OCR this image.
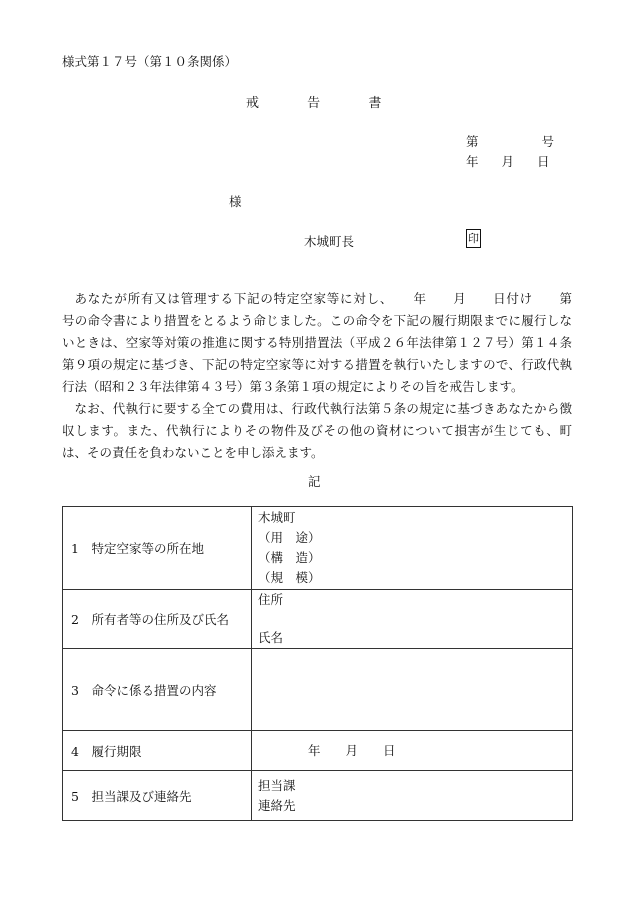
様式第１７号（第１０条関係）
戒	告	書
第	号
年 月 日
様
木城町長	印

あなたが所有又は管理する下記の特定空家等に対し、　　年　　月　　日付け　　第　　号の命令書により措置をとるよう命じました。この命令を下記の履行期限までに履行しないときは、空家等対策の推進に関する特別措置法（平成２６年法律第１２７号）第１４条第９項の規定に基づき、下記の特定空家等に対する措置を執行いたしますので、行政代執行法（昭和２３年法律第４３号）第３条第１項の規定によりその旨を戒告します。

なお、代執行に要する全ての費用は、行政代執行法第５条の規定に基づきあなたから徴収します。また、代執行によりその物件及びその他の資材について損害が生じても、町は、その責任を負わないことを申し添えます。

記
1　特定空家等の所在地	木城町
（用　途）
（構　造）
（規　模）

2　所有者等の住所及び氏名	住所
氏名

3　命令に係る措置の内容	
4　履行期限	年　　月　　日
5　担当課及び連絡先	担当課
連絡先
